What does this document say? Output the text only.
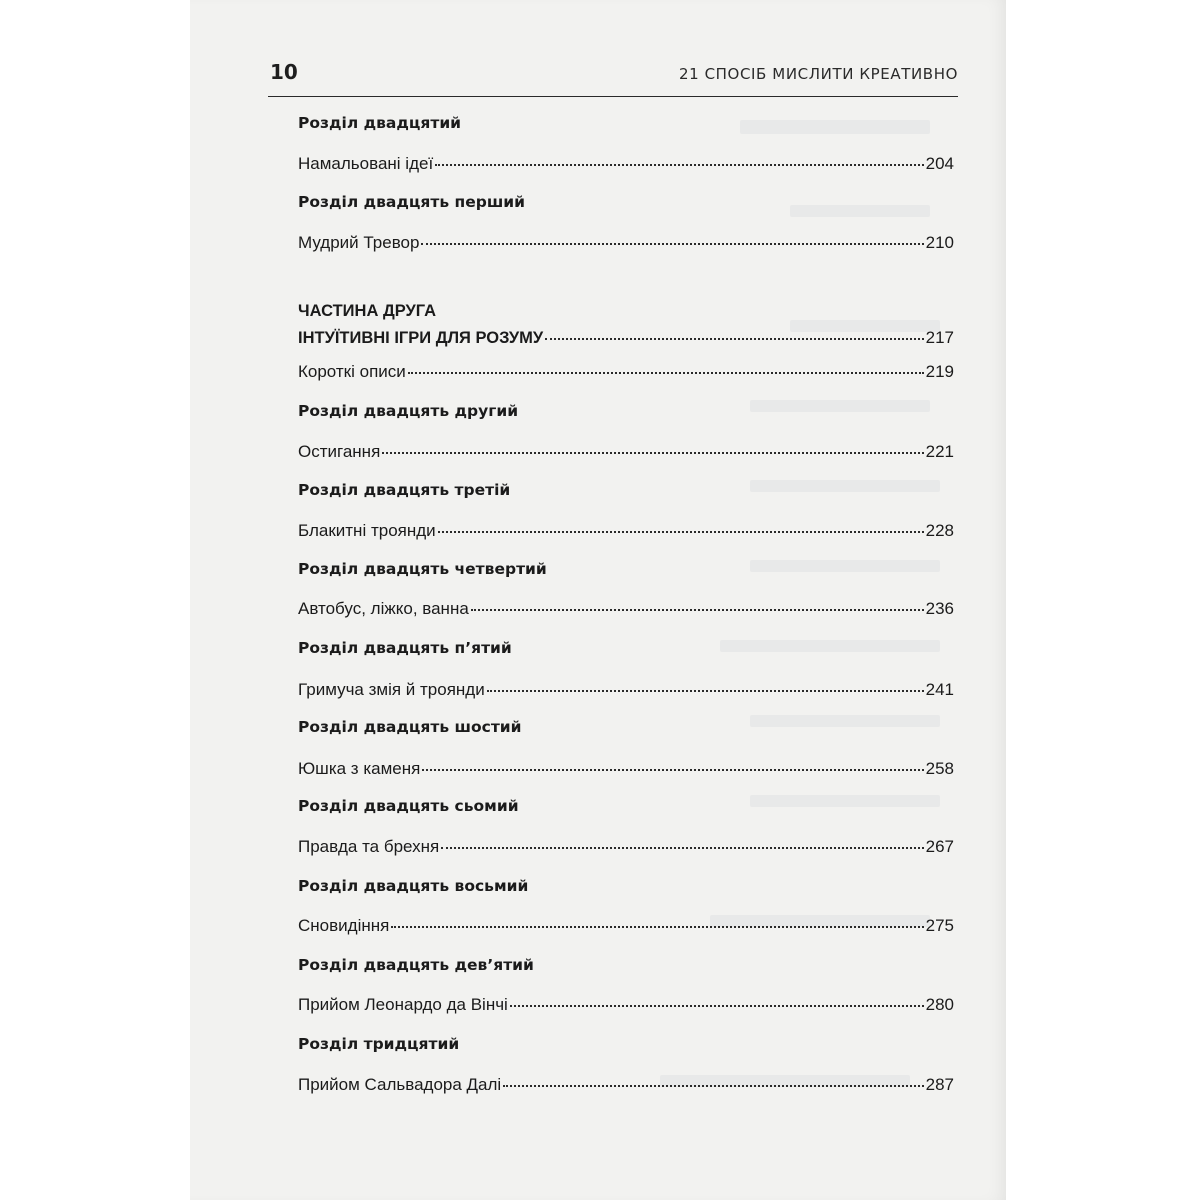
10	21 СПОСІБ МИСЛИТИ КРЕАТИВНО
Розділ двадцятий
Намальовані ідеї	204
Розділ двадцять перший
Мудрий Тревор	210
ЧАСТИНА ДРУГА
ІНТУЇТИВНІ ІГРИ ДЛЯ РОЗУМУ	217
Короткі описи	219
Розділ двадцять другий
Остигання	221
Розділ двадцять третій
Блакитні троянди	228
Розділ двадцять четвертий
Автобус, ліжко, ванна	236
Розділ двадцять п’ятий
Гримуча змія й троянди	241
Розділ двадцять шостий
Юшка з каменя	258
Розділ двадцять сьомий
Правда та брехня	267
Розділ двадцять восьмий
Сновидіння	275
Розділ двадцять дев’ятий
Прийом Леонардо да Вінчі	280
Розділ тридцятий
Прийом Сальвадора Далі	287
